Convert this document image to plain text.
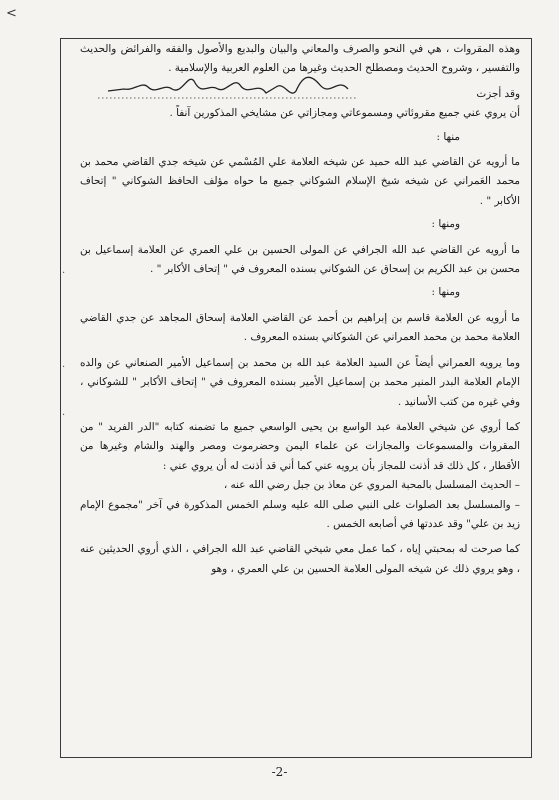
<
·
·
·

وهذه المقروات ، هي في النحو والصرف والمعاني والبيان والبديع والأصول والفقه والفرائض والحديث والتفسير ، وشروح الحديث ومصطلح الحديث وغيرها من العلوم العربية والإسلامية .

وقد أجزت

أن يروي عني جميع مقروئاتي ومسموعاتي ومجازاتي عن مشايخي المذكورين آنفاً .

منها :

ما أرويه عن القاضي عبد الله حميد عن شيخه العلامة علي المُسْمي عن شيخه جدي القاضي محمد بن محمد العَمراني عن شيخه شيخ الإسلام الشوكاني جميع ما حواه مؤلف الحافظ الشوكاني " إتحاف الأكابر " .

ومنها :

ما أرويه عن القاضي عبد الله الجرافي عن المولى الحسين بن علي العمري عن العلامة إسماعيل بن محسن بن عبد الكريم بن إسحاق عن الشوكاني بسنده المعروف في " إتحاف الأكابر " .

ومنها :

ما أرويه عن العلامة قاسم بن إبراهيم بن أحمد عن القاضي العلامة إسحاق المجاهد عن جدي القاضي العلامة محمد بن محمد العمراني عن الشوكاني بسنده المعروف .

وما يرويه العمراني أيضاً عن السيد العلامة عبد الله بن محمد بن إسماعيل الأمير الصنعاني عن والده الإمام العلامة البدر المنير محمد بن إسماعيل الأمير بسنده المعروف في " إتحاف الأكابر " للشوكاني ، وفي غيره من كتب الأسانيد .

كما أروي عن شيخي العلامة عبد الواسع بن يحيى الواسعي جميع ما تضمنه كتابه "الدر الفريد " من المقروات والمسموعات والمجازات عن علماء اليمن وحضرموت ومصر والهند والشام وغيرها من الأقطار ، كل ذلك قد أذنت للمجاز بأن يرويه عني كما أني قد أذنت له أن يروي عني :

– الحديث المسلسل بالمحبة المروي عن معاذ بن جبل رضي الله عنه ،

– والمسلسل بعد الصلوات على النبي صلى الله عليه وسلم الخمس المذكورة في آخر "مجموع الإمام زيد بن علي" وقد عددتها في أصابعه الخمس .

كما صرحت له بمحبتي إياه ، كما عمل معي شيخي القاضي عبد الله الجرافي ، الذي أروي الحديثين عنه ، وهو يروي ذلك عن شيخه المولى العلامة الحسين بن علي العمري ، وهو

-2-
